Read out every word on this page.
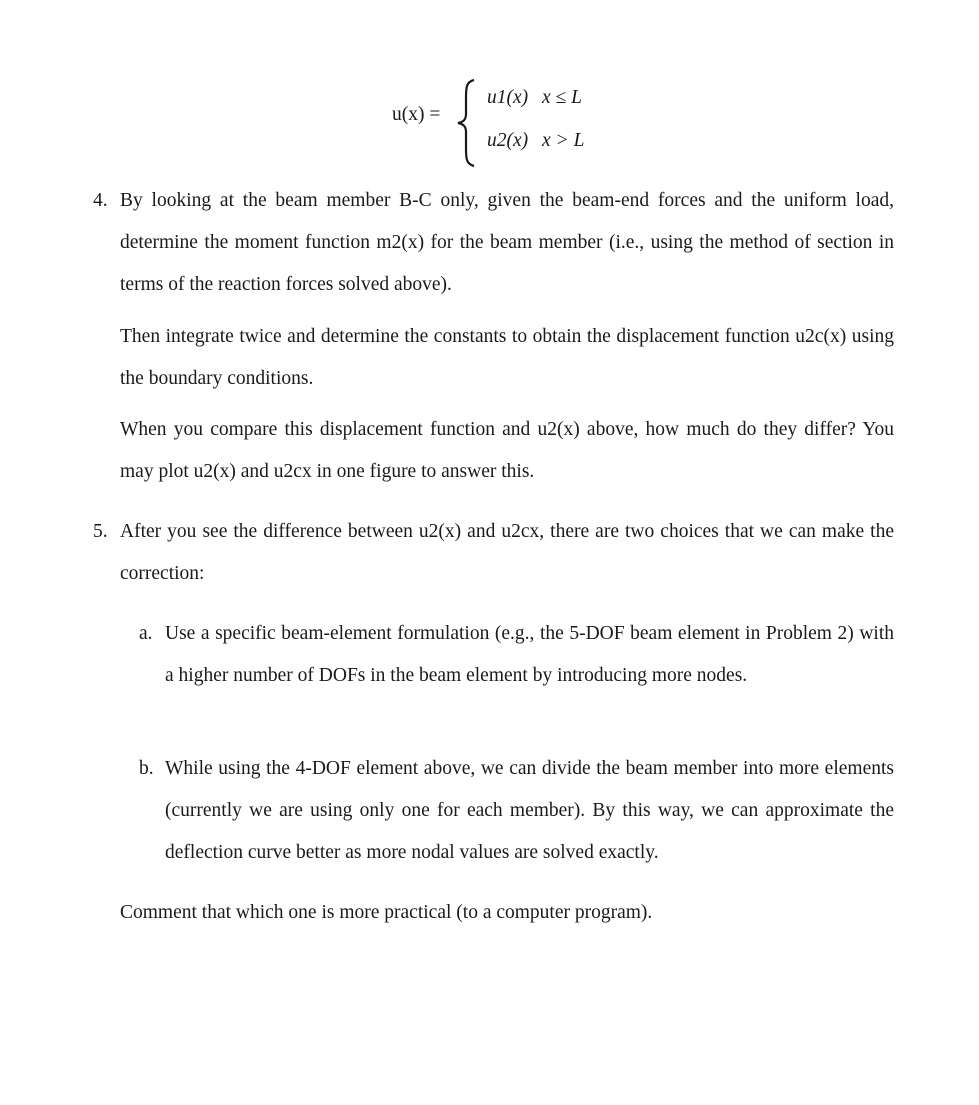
u(x) =
u1(x) x ≤ L
u2(x) x > L
4. By looking at the beam member B-C only, given the beam-end forces and the uniform load, determine the moment function m2(x) for the beam member (i.e., using the method of section in terms of the reaction forces solved above).
Then integrate twice and determine the constants to obtain the displacement function u2c(x) using the boundary conditions.
When you compare this displacement function and u2(x) above, how much do they differ? You may plot u2(x) and u2cx in one figure to answer this.
5. After you see the difference between u2(x) and u2cx, there are two choices that we can make the correction:
a. Use a specific beam-element formulation (e.g., the 5-DOF beam element in Problem 2) with a higher number of DOFs in the beam element by introducing more nodes.
b. While using the 4-DOF element above, we can divide the beam member into more elements (currently we are using only one for each member). By this way, we can approximate the deflection curve better as more nodal values are solved exactly.
Comment that which one is more practical (to a computer program).
